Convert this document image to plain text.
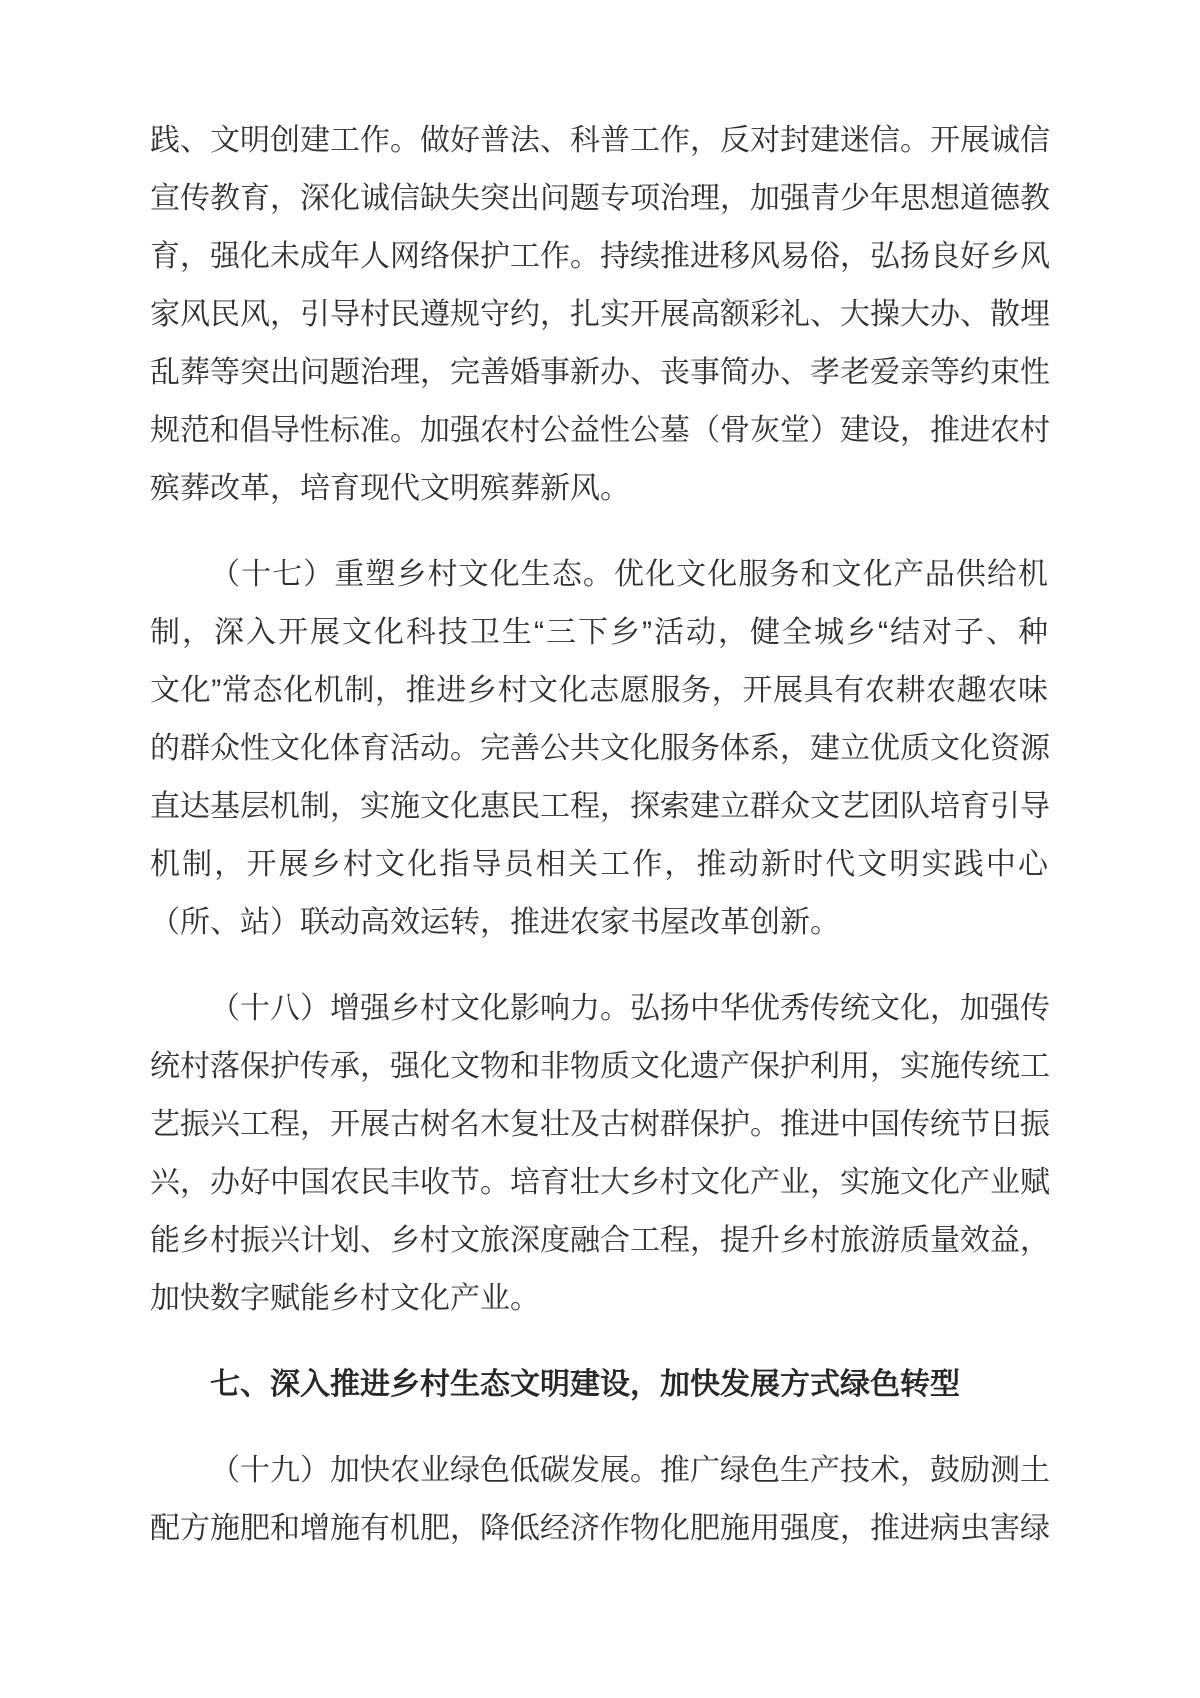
践、文明创建工作。做好普法、科普工作，反对封建迷信。开展诚信
宣传教育，深化诚信缺失突出问题专项治理，加强青少年思想道德教
育，强化未成年人网络保护工作。持续推进移风易俗，弘扬良好乡风
家风民风，引导村民遵规守约，扎实开展高额彩礼、大操大办、散埋
乱葬等突出问题治理，完善婚事新办、丧事简办、孝老爱亲等约束性
规范和倡导性标准。加强农村公益性公墓（骨灰堂）建设，推进农村
殡葬改革，培育现代文明殡葬新风。
（十七）重塑乡村文化生态。优化文化服务和文化产品供给机
制，深入开展文化科技卫生“三下乡”活动，健全城乡“结对子、种
文化”常态化机制，推进乡村文化志愿服务，开展具有农耕农趣农味
的群众性文化体育活动。完善公共文化服务体系，建立优质文化资源
直达基层机制，实施文化惠民工程，探索建立群众文艺团队培育引导
机制，开展乡村文化指导员相关工作，推动新时代文明实践中心
（所、站）联动高效运转，推进农家书屋改革创新。
（十八）增强乡村文化影响力。弘扬中华优秀传统文化，加强传
统村落保护传承，强化文物和非物质文化遗产保护利用，实施传统工
艺振兴工程，开展古树名木复壮及古树群保护。推进中国传统节日振
兴，办好中国农民丰收节。培育壮大乡村文化产业，实施文化产业赋
能乡村振兴计划、乡村文旅深度融合工程，提升乡村旅游质量效益，
加快数字赋能乡村文化产业。
七、深入推进乡村生态文明建设，加快发展方式绿色转型
（十九）加快农业绿色低碳发展。推广绿色生产技术，鼓励测土
配方施肥和增施有机肥，降低经济作物化肥施用强度，推进病虫害绿
